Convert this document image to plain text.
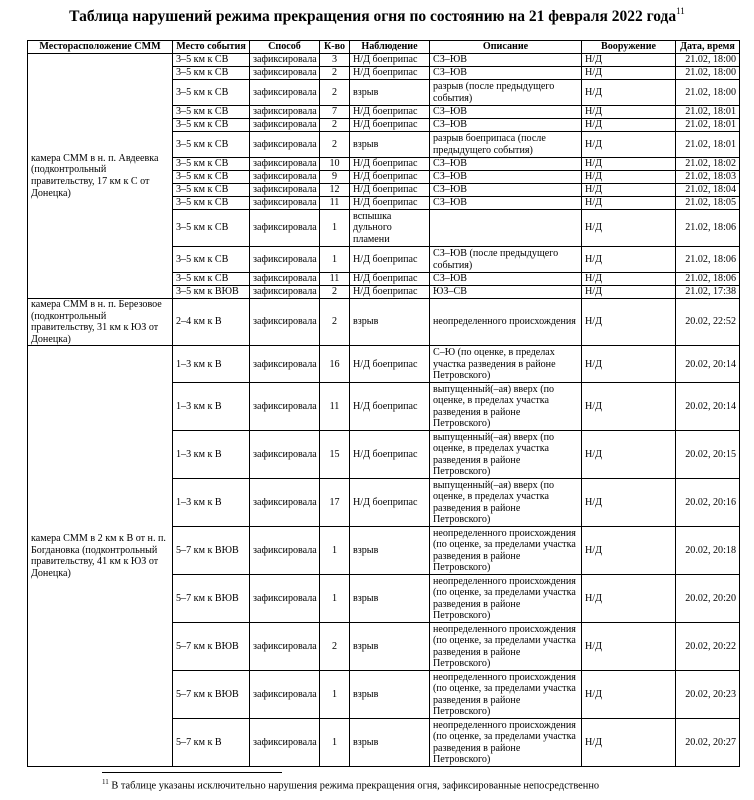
Таблица нарушений режима прекращения огня по состоянию на 21 февраля 2022 года$^{11}$
Месторасположение СММ	Место события	Способ	К-во	Наблюдение	Описание	Вооружение	Дата, время
камера СММ в н. п. Авдеевка (подконтрольный правительству, 17 км к С от Донецка)	3–5 км к СВ	зафиксировала	3	Н/Д боеприпас	СЗ–ЮВ	Н/Д	21.02, 18:00
	3–5 км к СВ	зафиксировала	2	Н/Д боеприпас	СЗ–ЮВ	Н/Д	21.02, 18:00
	3–5 км к СВ	зафиксировала	2	взрыв	разрыв (после предыдущего события)	Н/Д	21.02, 18:00
	3–5 км к СВ	зафиксировала	7	Н/Д боеприпас	СЗ–ЮВ	Н/Д	21.02, 18:01
	3–5 км к СВ	зафиксировала	2	Н/Д боеприпас	СЗ–ЮВ	Н/Д	21.02, 18:01
	3–5 км к СВ	зафиксировала	2	взрыв	разрыв боеприпаса (после предыдущего события)	Н/Д	21.02, 18:01
	3–5 км к СВ	зафиксировала	10	Н/Д боеприпас	СЗ–ЮВ	Н/Д	21.02, 18:02
	3–5 км к СВ	зафиксировала	9	Н/Д боеприпас	СЗ–ЮВ	Н/Д	21.02, 18:03
	3–5 км к СВ	зафиксировала	12	Н/Д боеприпас	СЗ–ЮВ	Н/Д	21.02, 18:04
	3–5 км к СВ	зафиксировала	11	Н/Д боеприпас	СЗ–ЮВ	Н/Д	21.02, 18:05
	3–5 км к СВ	зафиксировала	1	вспышка дульного пламени		Н/Д	21.02, 18:06
	3–5 км к СВ	зафиксировала	1	Н/Д боеприпас	СЗ–ЮВ (после предыдущего события)	Н/Д	21.02, 18:06
	3–5 км к СВ	зафиксировала	11	Н/Д боеприпас	СЗ–ЮВ	Н/Д	21.02, 18:06
	3–5 км к ВЮВ	зафиксировала	2	Н/Д боеприпас	ЮЗ–СВ	Н/Д	21.02, 17:38
камера СММ в н. п. Березовое (подконтрольный правительству, 31 км к ЮЗ от Донецка)	2–4 км к В	зафиксировала	2	взрыв	неопределенного происхождения	Н/Д	20.02, 22:52
камера СММ в 2 км к В от н. п. Богдановка (подконтрольный правительству, 41 км к ЮЗ от Донецка)	1–3 км к В	зафиксировала	16	Н/Д боеприпас	С–Ю (по оценке, в пределах участка разведения в районе Петровского)	Н/Д	20.02, 20:14
	1–3 км к В	зафиксировала	11	Н/Д боеприпас	выпущенный(–ая) вверх (по оценке, в пределах участка разведения в районе Петровского)	Н/Д	20.02, 20:14
	1–3 км к В	зафиксировала	15	Н/Д боеприпас	выпущенный(–ая) вверх (по оценке, в пределах участка разведения в районе Петровского)	Н/Д	20.02, 20:15
	1–3 км к В	зафиксировала	17	Н/Д боеприпас	выпущенный(–ая) вверх (по оценке, в пределах участка разведения в районе Петровского)	Н/Д	20.02, 20:16
	5–7 км к ВЮВ	зафиксировала	1	взрыв	неопределенного происхождения (по оценке, за пределами участка разведения в районе Петровского)	Н/Д	20.02, 20:18
	5–7 км к ВЮВ	зафиксировала	1	взрыв	неопределенного происхождения (по оценке, за пределами участка разведения в районе Петровского)	Н/Д	20.02, 20:20
	5–7 км к ВЮВ	зафиксировала	2	взрыв	неопределенного происхождения (по оценке, за пределами участка разведения в районе Петровского)	Н/Д	20.02, 20:22
	5–7 км к ВЮВ	зафиксировала	1	взрыв	неопределенного происхождения (по оценке, за пределами участка разведения в районе Петровского)	Н/Д	20.02, 20:23
	5–7 км к В	зафиксировала	1	взрыв	неопределенного происхождения (по оценке, за пределами участка разведения в районе Петровского)	Н/Д	20.02, 20:27
$^{11}$ В таблице указаны исключительно нарушения режима прекращения огня, зафиксированные непосредственно
